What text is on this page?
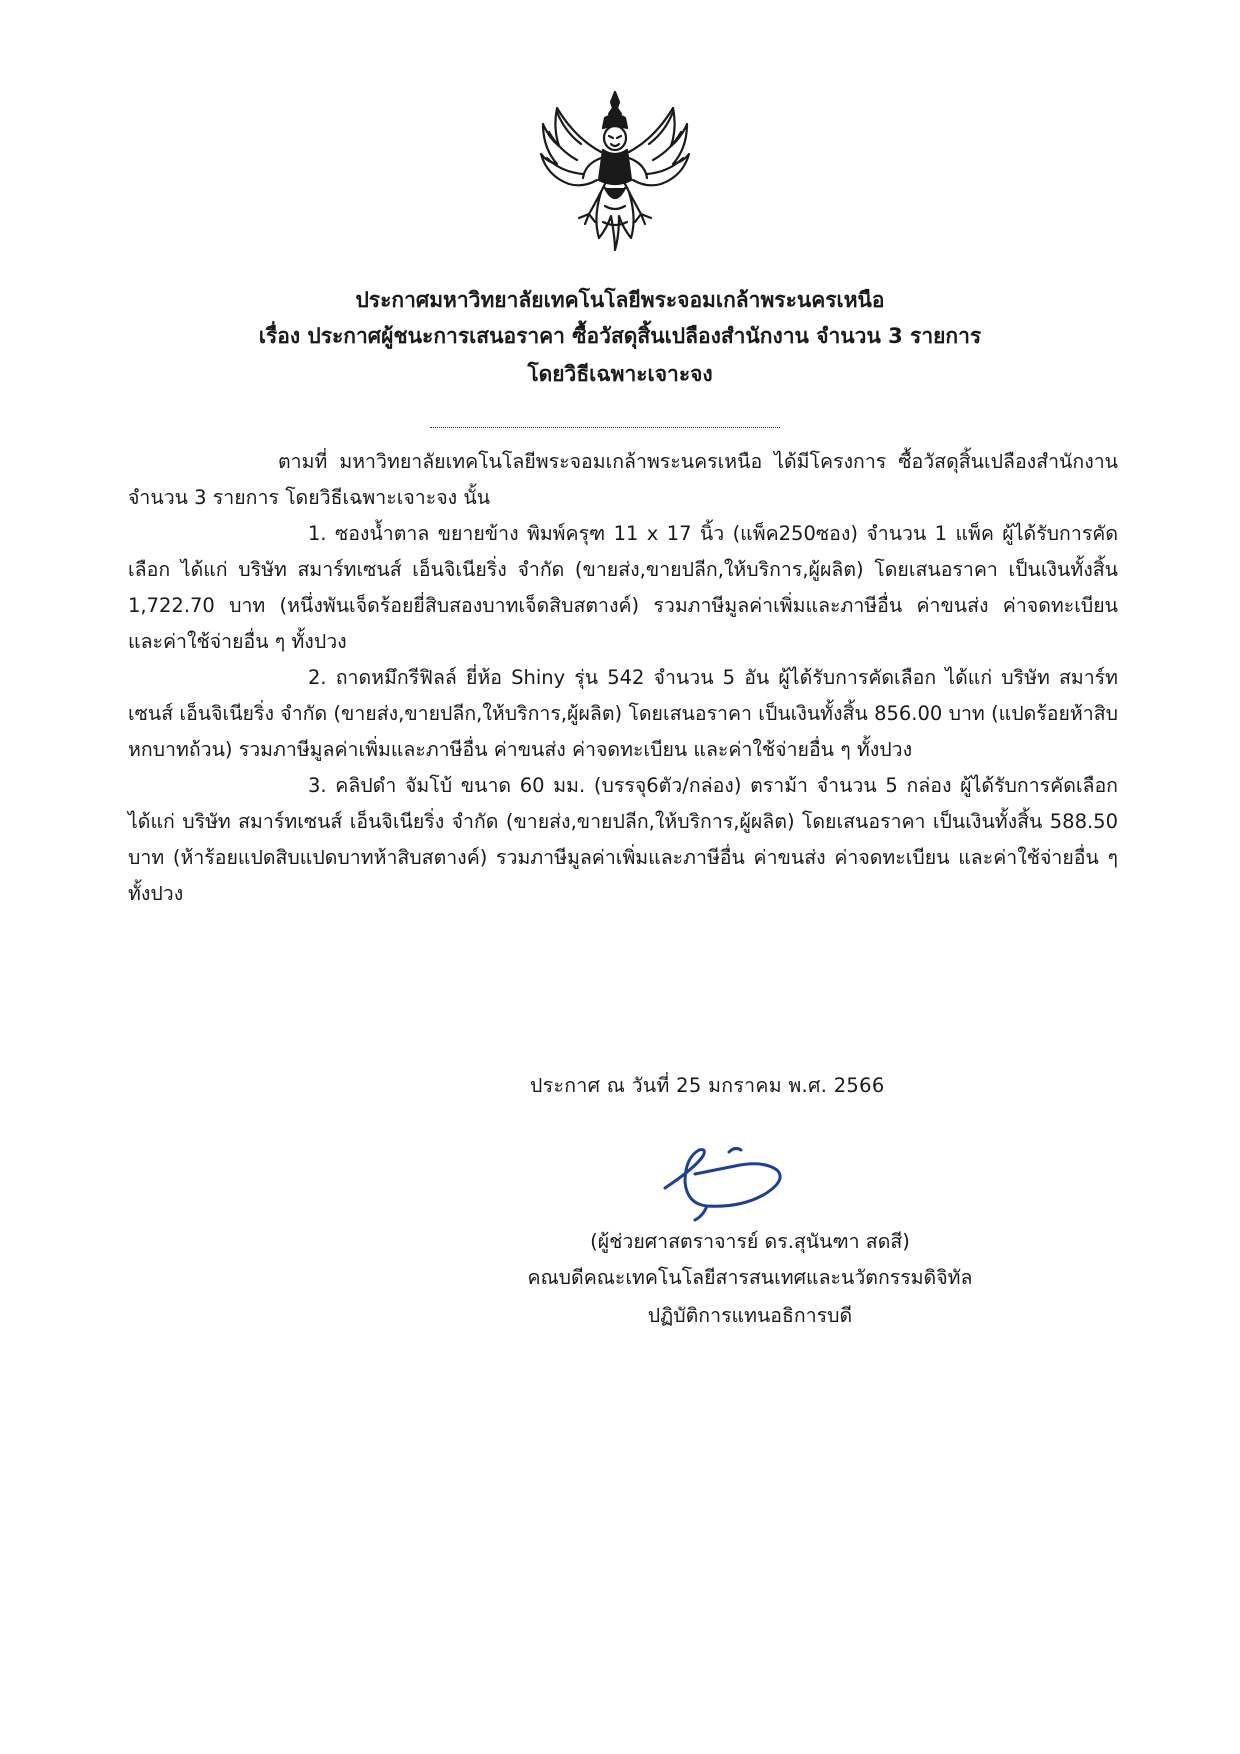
ประกาศมหาวิทยาลัยเทคโนโลยีพระจอมเกล้าพระนครเหนือ
เรื่อง ประกาศผู้ชนะการเสนอราคา ซื้อวัสดุสิ้นเปลืองสำนักงาน จำนวน 3 รายการ
โดยวิธีเฉพาะเจาะจง

ตามที่ มหาวิทยาลัยเทคโนโลยีพระจอมเกล้าพระนครเหนือ ได้มีโครงการ ซื้อวัสดุสิ้นเปลืองสำนักงาน จำนวน 3 รายการ โดยวิธีเฉพาะเจาะจง นั้น

1. ซองน้ำตาล ขยายข้าง พิมพ์ครุฑ 11 x 17 นิ้ว (แพ็ค250ซอง) จำนวน 1 แพ็ค ผู้ได้รับการคัดเลือก ได้แก่ บริษัท สมาร์ทเซนส์ เอ็นจิเนียริ่ง จำกัด (ขายส่ง,ขายปลีก,ให้บริการ,ผู้ผลิต) โดยเสนอราคา เป็นเงินทั้งสิ้น 1,722.70 บาท (หนึ่งพันเจ็ดร้อยยี่สิบสองบาทเจ็ดสิบสตางค์) รวมภาษีมูลค่าเพิ่มและภาษีอื่น ค่าขนส่ง ค่าจดทะเบียน และค่าใช้จ่ายอื่น ๆ ทั้งปวง

2. ถาดหมึกรีฟิลล์ ยี่ห้อ Shiny รุ่น 542 จำนวน 5 อัน ผู้ได้รับการคัดเลือก ได้แก่ บริษัท สมาร์ทเซนส์ เอ็นจิเนียริ่ง จำกัด (ขายส่ง,ขายปลีก,ให้บริการ,ผู้ผลิต) โดยเสนอราคา เป็นเงินทั้งสิ้น 856.00 บาท (แปดร้อยห้าสิบหกบาทถ้วน) รวมภาษีมูลค่าเพิ่มและภาษีอื่น ค่าขนส่ง ค่าจดทะเบียน และค่าใช้จ่ายอื่น ๆ ทั้งปวง

3. คลิปดำ จัมโบ้ ขนาด 60 มม. (บรรจุ6ตัว/กล่อง) ตราม้า จำนวน 5 กล่อง ผู้ได้รับการคัดเลือก ได้แก่ บริษัท สมาร์ทเซนส์ เอ็นจิเนียริ่ง จำกัด (ขายส่ง,ขายปลีก,ให้บริการ,ผู้ผลิต) โดยเสนอราคา เป็นเงินทั้งสิ้น 588.50 บาท (ห้าร้อยแปดสิบแปดบาทห้าสิบสตางค์) รวมภาษีมูลค่าเพิ่มและภาษีอื่น ค่าขนส่ง ค่าจดทะเบียน และค่าใช้จ่ายอื่น ๆ ทั้งปวง

ประกาศ ณ วันที่ 25 มกราคม พ.ศ. 2566
(ผู้ช่วยศาสตราจารย์ ดร.สุนันฑา สดสี)
คณบดีคณะเทคโนโลยีสารสนเทศและนวัตกรรมดิจิทัล
ปฏิบัติการแทนอธิการบดี
